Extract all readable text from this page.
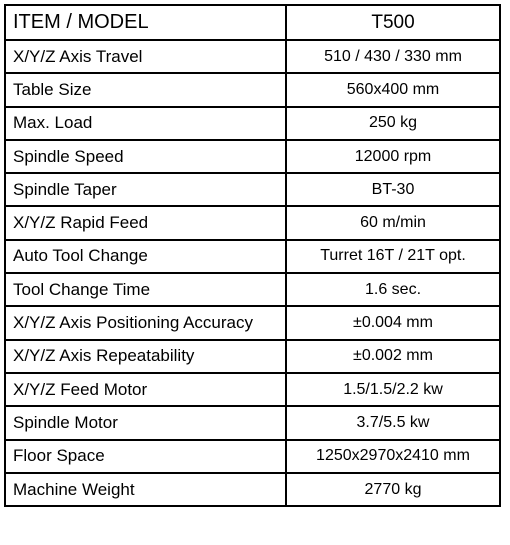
ITEM / MODEL	T500
X/Y/Z Axis Travel	510 / 430 / 330 mm
Table Size	560x400 mm
Max. Load	250 kg
Spindle Speed	12000 rpm
Spindle Taper	BT-30
X/Y/Z Rapid Feed	60 m/min
Auto Tool Change	Turret 16T / 21T opt.
Tool Change Time	1.6 sec.
X/Y/Z Axis Positioning Accuracy	±0.004 mm
X/Y/Z Axis Repeatability	±0.002 mm
X/Y/Z Feed Motor	1.5/1.5/2.2 kw
Spindle Motor	3.7/5.5 kw
Floor Space	1250x2970x2410 mm
Machine Weight	2770 kg
